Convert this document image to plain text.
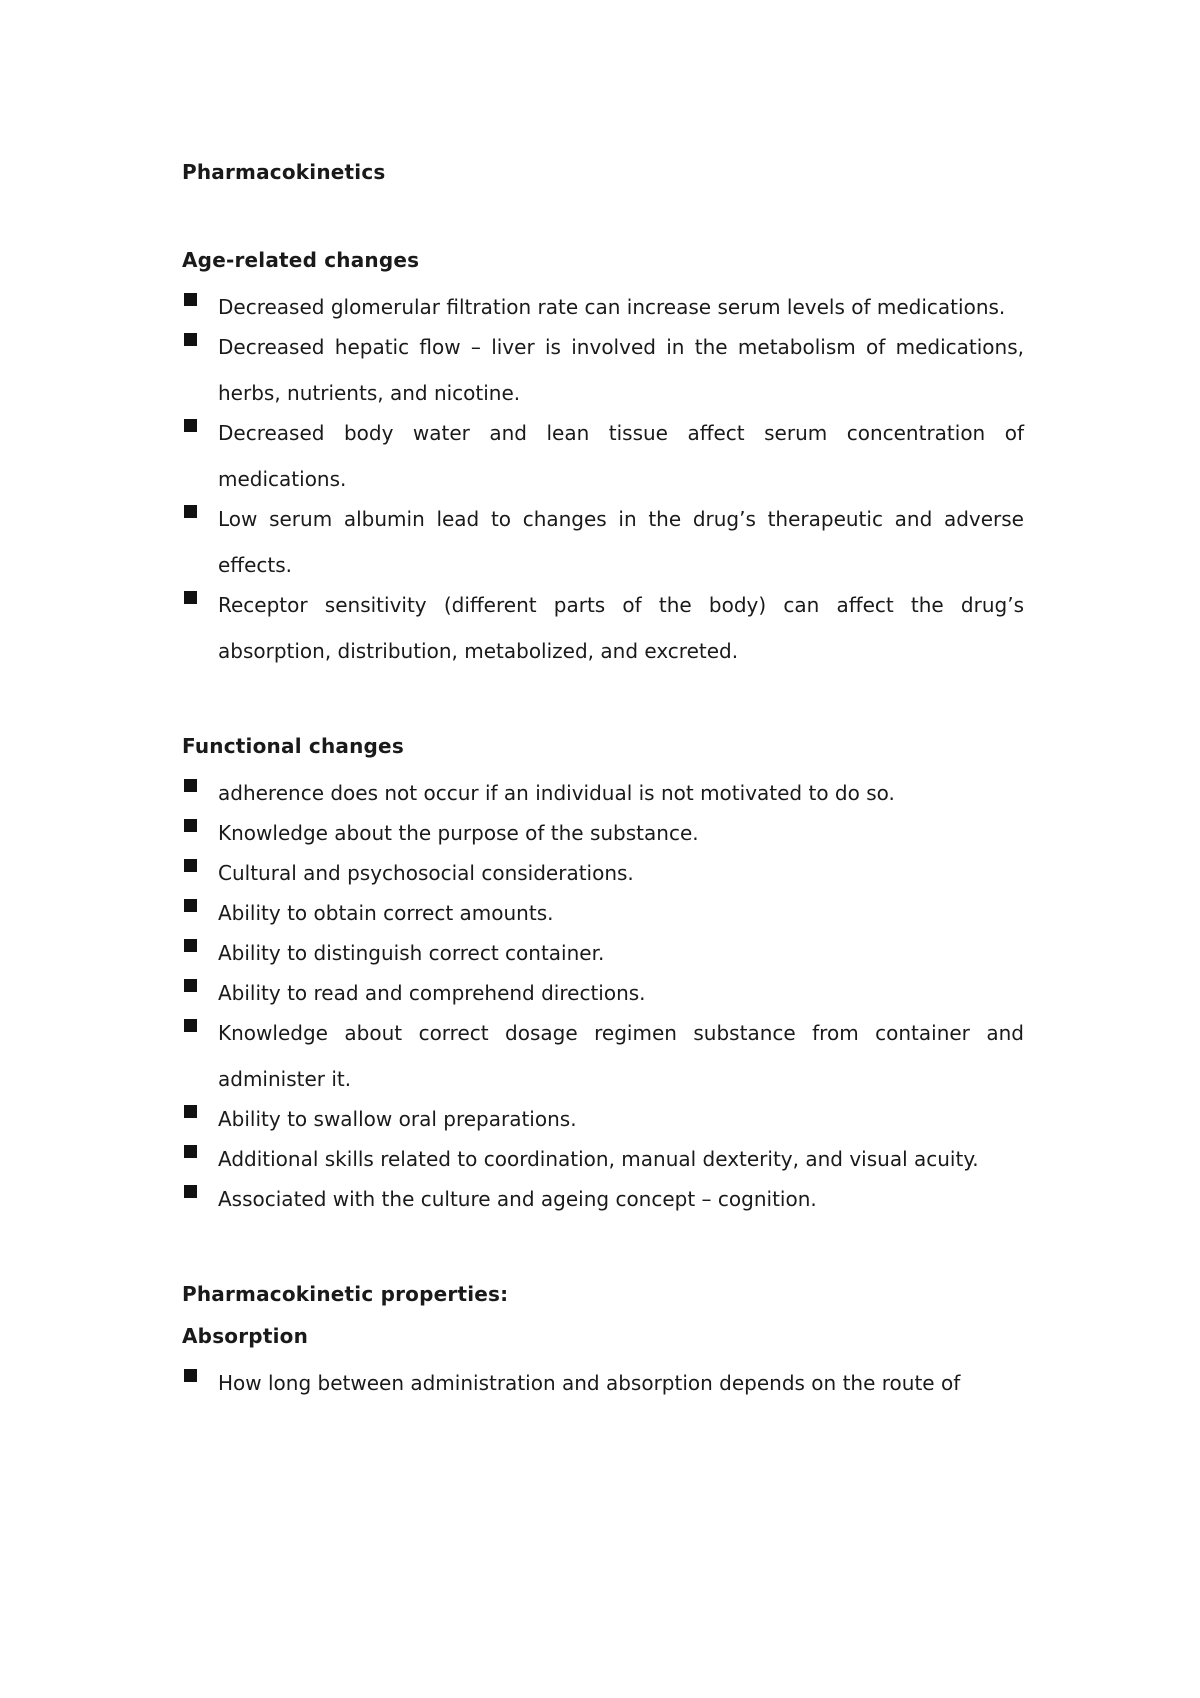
Pharmacokinetics

Age-related changes

Decreased glomerular filtration rate can increase serum levels of medications.
Decreased hepatic flow – liver is involved in the metabolism of medications, herbs, nutrients, and nicotine.
Decreased body water and lean tissue affect serum concentration of medications.
Low serum albumin lead to changes in the drug’s therapeutic and adverse effects.
Receptor sensitivity (different parts of the body) can affect the drug’s absorption, distribution, metabolized, and excreted.

Functional changes

adherence does not occur if an individual is not motivated to do so.
Knowledge about the purpose of the substance.
Cultural and psychosocial considerations.
Ability to obtain correct amounts.
Ability to distinguish correct container.
Ability to read and comprehend directions.
Knowledge about correct dosage regimen substance from container and administer it.
Ability to swallow oral preparations.
Additional skills related to coordination, manual dexterity, and visual acuity.
Associated with the culture and ageing concept – cognition.

Pharmacokinetic properties:

Absorption

How long between administration and absorption depends on the route of
